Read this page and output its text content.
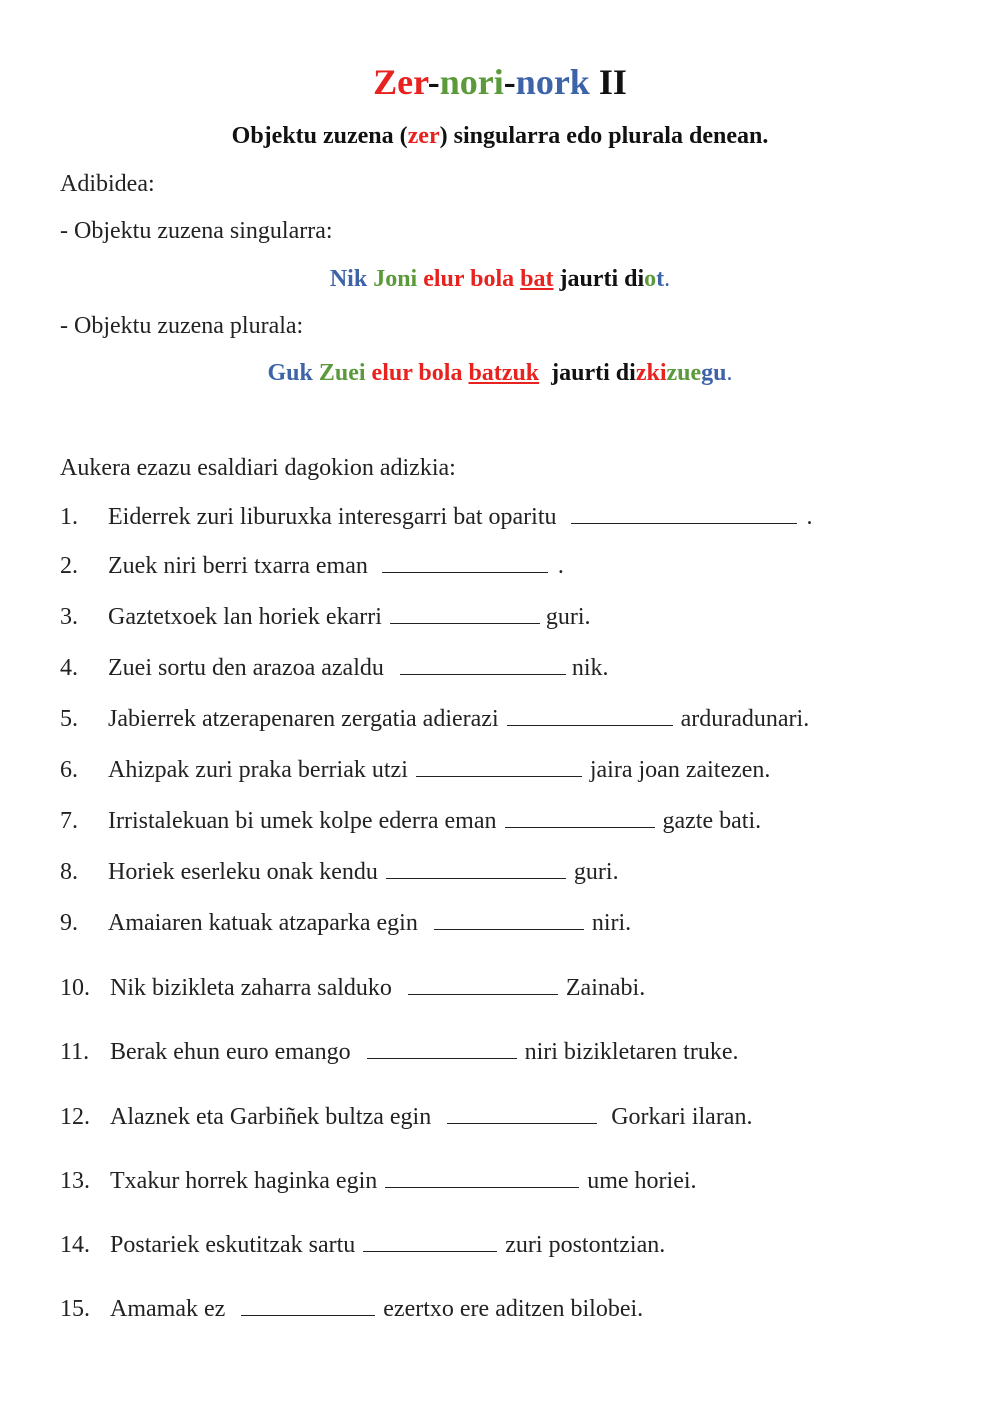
Zer-nori-nork II
Objektu zuzena (zer) singularra edo plurala denean.
Adibidea:
- Objektu zuzena singularra:
Nik Joni elur bola bat jaurti diot.
- Objektu zuzena plurala:
Guk Zuei elur bola batzuk jaurti dizkizuegu.
Aukera ezazu esaldiari dagokion adizkia:
1. Eiderrek zuri liburuxka interesgarri bat oparitu	.
2. Zuek niri berri txarra eman	.
3. Gaztetxoek lan horiek ekarri	guri.
4. Zuei sortu den arazoa azaldu	nik.
5. Jabierrek atzerapenaren zergatia adierazi	arduradunari.
6. Ahizpak zuri praka berriak utzi	jaira joan zaitezen.
7. Irristalekuan bi umek kolpe ederra eman	gazte bati.
8. Horiek eserleku onak kendu	guri.
9. Amaiaren katuak atzaparka egin	niri.
10. Nik bizikleta zaharra salduko	Zainabi.
11. Berak ehun euro emango	niri bizikletaren truke.
12. Alaznek eta Garbiñek bultza egin	Gorkari ilaran.
13. Txakur horrek haginka egin	ume horiei.
14. Postariek eskutitzak sartu	zuri postontzian.
15. Amamak ez	ezertxo ere aditzen bilobei.
